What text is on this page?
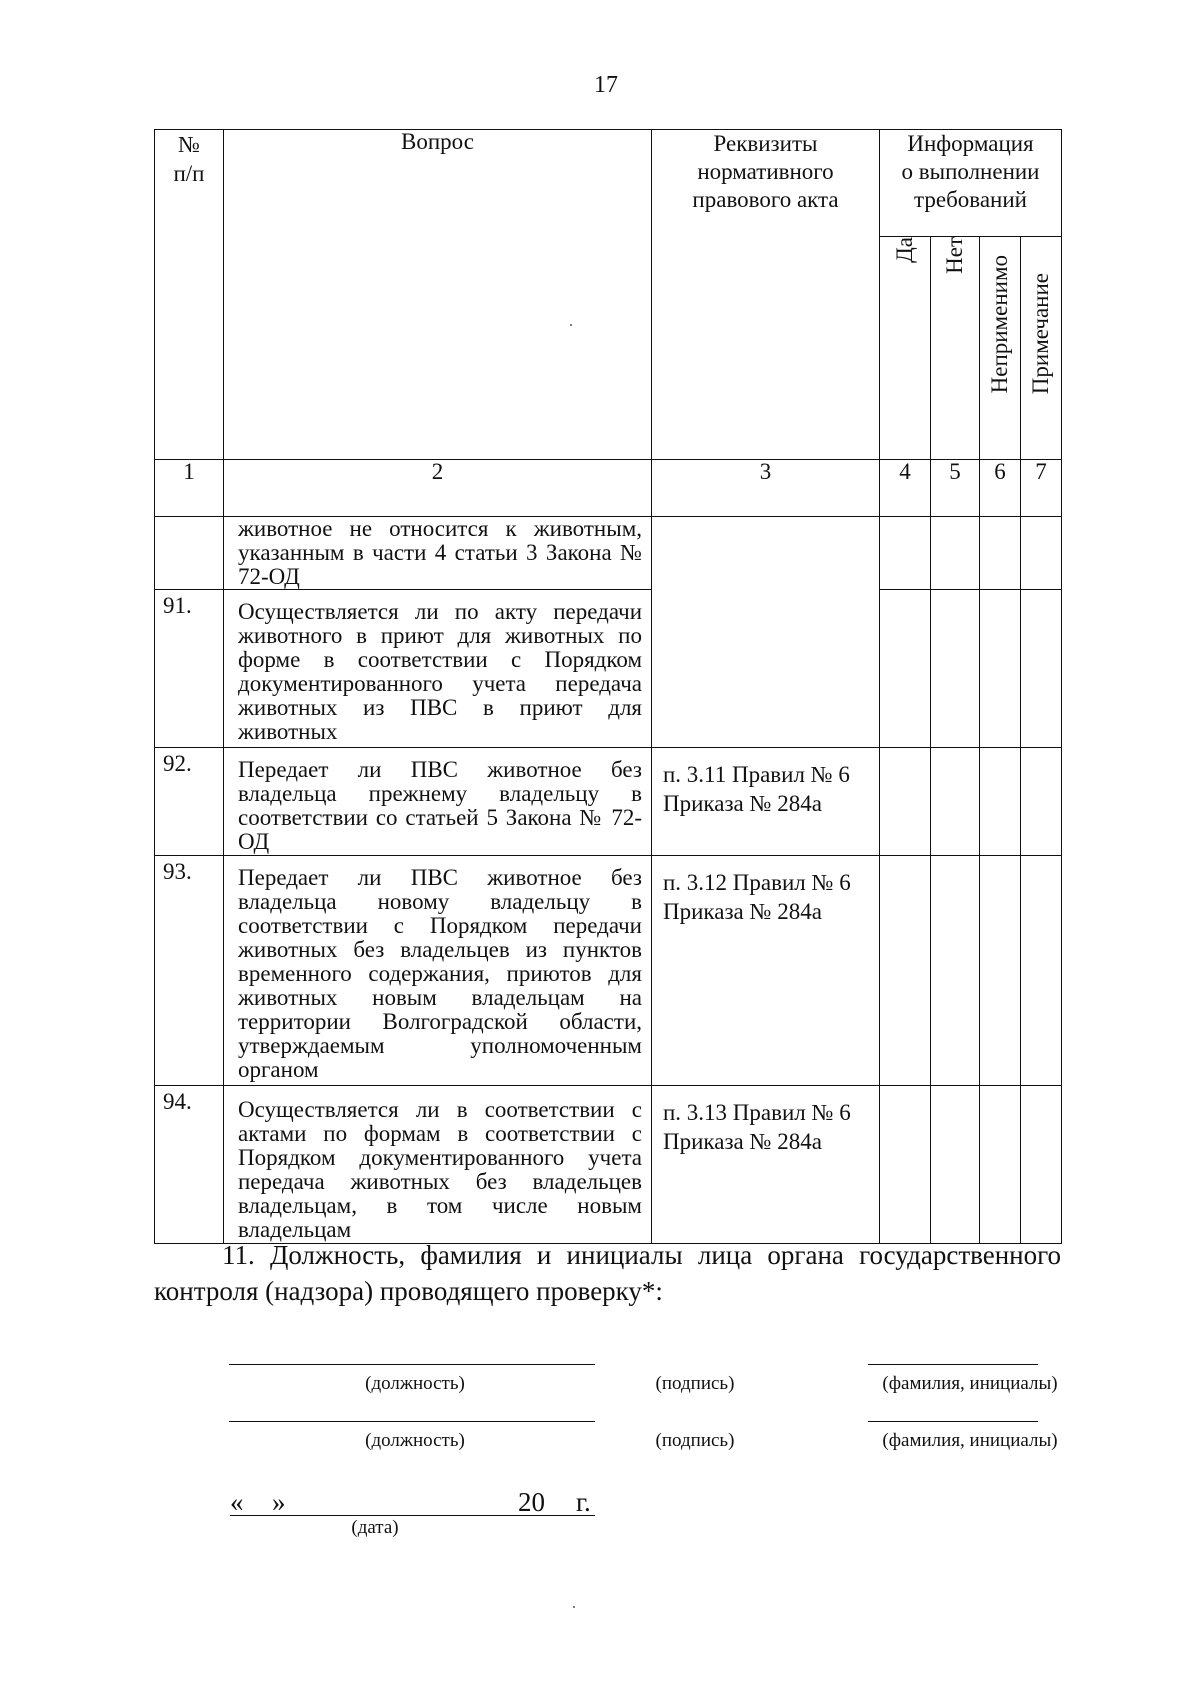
17
№
п/п	Вопрос	Реквизиты
нормативного
правового акта	Информация
о выполнении
требований			
			Да	Нет	Неприменимо	Примечание
1	2	3	4	5	6	7

	животное не относится к животным, указанным в части 4 статьи 3 Закона № 72-ОД					

91.	Осуществляется ли по акту передачи животного в приют для животных по форме в соответствии с Порядком документированного учета передача животных из ПВС в приют для животных					

92.	Передает ли ПВС животное без владельца прежнему владельцу в соответствии со статьей 5 Закона № 72-ОД	п. 3.11 Правил № 6 Приказа № 284а				
93.	Передает ли ПВС животное без владельца новому владельцу в соответствии с Порядком передачи животных без владельцев из пунктов временного содержания, приютов для животных новым владельцам на территории Волгоградской области, утверждаемым уполномоченным органом	п. 3.12 Правил № 6 Приказа № 284а				
94.	Осуществляется ли в соответствии с актами по формам в соответствии с Порядком документированного учета передача животных без владельцев владельцам, в том числе новым владельцам	п. 3.13 Правил № 6 Приказа № 284а				

11. Должность, фамилия и инициалы лица органа государственного контроля (надзора) проводящего проверку*:

(должность)	(подпись)	(фамилия, инициалы)
(должность)	(подпись)	(фамилия, инициалы)
« »	20 г.
(дата)
